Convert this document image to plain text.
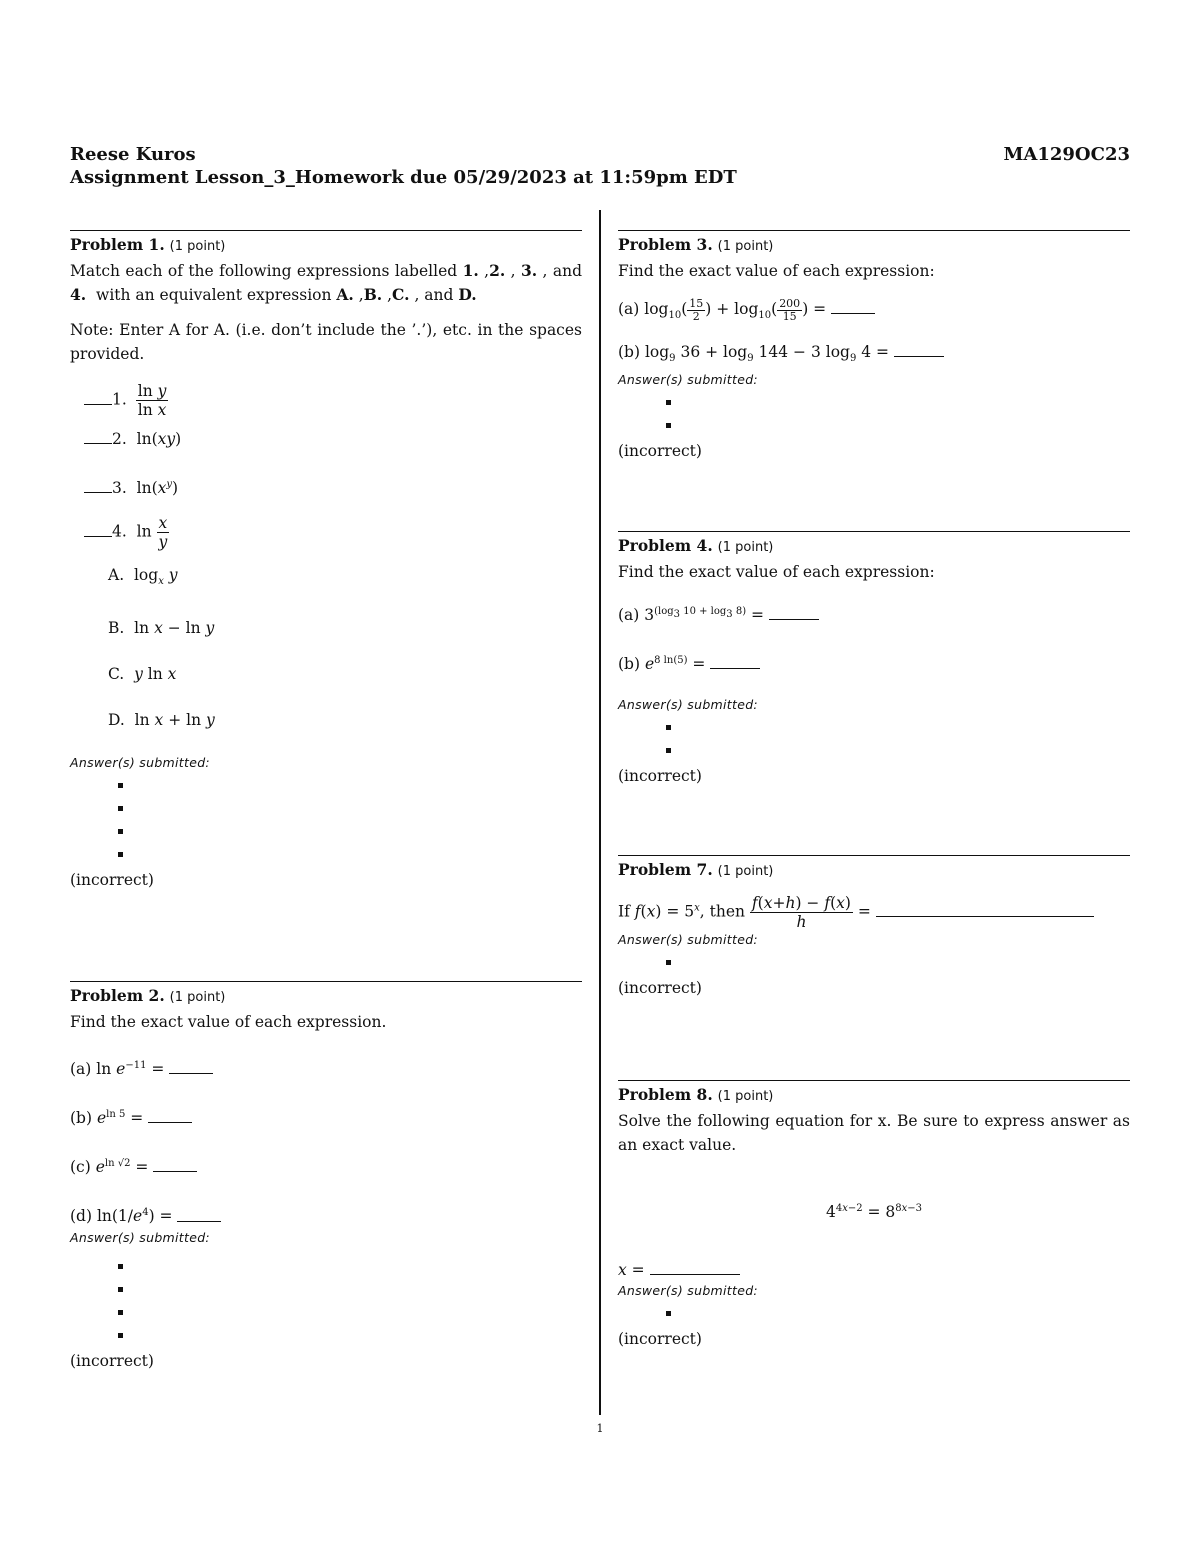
Reese Kuros	MA129OC23
Assignment Lesson_3_Homework due 05/29/2023 at 11:59pm EDT
Problem 1. (1 point)

Match each of the following expressions labelled 1. ,2. , 3. , and 4. with an equivalent expression A. ,B. ,C. , and D.

Note: Enter A for A. (i.e. don’t include the ’.’), etc. in the spaces provided.

1. $\frac{\text{ln y}}{\text{ln x}}$
2.  ln(xy)
3.  $\ln(x^y)$
4.  $\ln \frac{x}{y}$
A.  $\log_x y$
B.  ln x − ln y
C. y ln x
D.  ln x + ln y
Answer(s) submitted:
(incorrect)
Problem 2. (1 point)

Find the exact value of each expression.

(a) $\ln e^{-11}$ =
(b) $e^{ln 5}$ =
(c) $e^{ln √2}$ =
(d) $\ln(1/e^4)$ =
Answer(s) submitted:
(incorrect)
Problem 3. (1 point)

Find the exact value of each expression:

(a) $\log_{10}( \frac{15}{2}$ ) + $\log_{10}( \frac{200}{15}$ ) =
(b) $\log_9 36 + \log_9 144 - 3$ $\log_9 4$ =
Answer(s) submitted:
(incorrect)
Problem 4. (1 point)

Find the exact value of each expression:

(a) $3^{(log_3 10 + log_3 8)}$ =
(b) $e^{8 ln(5)}$ =
Answer(s) submitted:
(incorrect)
Problem 7. (1 point)
If $f(x) = 5^x$, then $\frac{f(x+h) - f(x)}{h}$ =
Answer(s) submitted:
(incorrect)
Problem 8. (1 point)

Solve the following equation for x. Be sure to express answer as an exact value.

$4^{4x-2} = 8^{8x-3}$
x =
Answer(s) submitted:
(incorrect)
1
